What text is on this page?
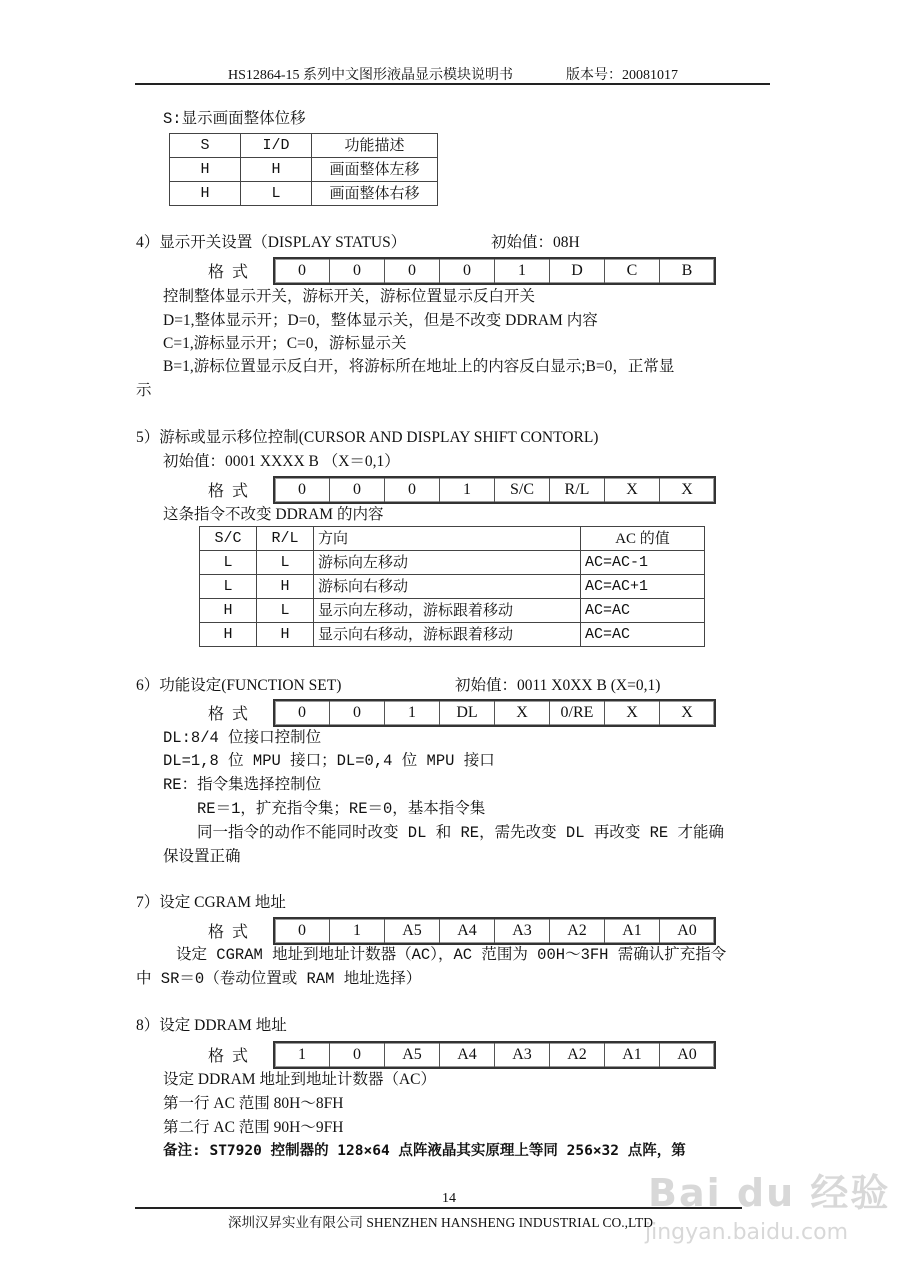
HS12864-15 系列中文图形液晶显示模块说明书	版本号：20081017
S:显示画面整体位移
S	I/D	功能描述
H	H	画面整体左移
H	L	画面整体右移
4）显示开关设置（DISPLAY STATUS）	初始值：08H
格式	0	0	0	0	1	D	C	B
控制整体显示开关，游标开关，游标位置显示反白开关
D=1,整体显示开；D=0，整体显示关，但是不改变 DDRAM 内容
C=1,游标显示开；C=0，游标显示关
B=1,游标位置显示反白开，将游标所在地址上的内容反白显示;B=0，正常显
示
5）游标或显示移位控制(CURSOR AND DISPLAY SHIFT CONTORL)
初始值：0001 XXXX B （X＝0,1）
格式	0	0	0	1	S/C	R/L	X	X
这条指令不改变 DDRAM 的内容
S/C	R/L	方向	AC 的值
L	L	游标向左移动	AC=AC-1
L	H	游标向右移动	AC=AC+1
H	L	显示向左移动，游标跟着移动	AC=AC
H	H	显示向右移动，游标跟着移动	AC=AC
6）功能设定(FUNCTION SET)	初始值：0011 X0XX B (X=0,1)
格式	0	0	1	DL	X	0/RE	X	X
DL:8/4 位接口控制位
DL=1,8 位 MPU 接口；DL=0,4 位 MPU 接口
RE：指令集选择控制位
RE＝1，扩充指令集；RE＝0，基本指令集
同一指令的动作不能同时改变 DL 和 RE，需先改变 DL 再改变 RE 才能确
保设置正确
7）设定 CGRAM 地址
格式	0	1	A5	A4	A3	A2	A1	A0
设定 CGRAM 地址到地址计数器（AC），AC 范围为 00H～3FH 需确认扩充指令
中 SR＝0（卷动位置或 RAM 地址选择）
8）设定 DDRAM 地址
格式	1	0	A5	A4	A3	A2	A1	A0
设定 DDRAM 地址到地址计数器（AC）
第一行 AC 范围 80H～8FH
第二行 AC 范围 90H～9FH
备注: ST7920 控制器的 128×64 点阵液晶其实原理上等同 256×32 点阵，第
14
深圳汉昇实业有限公司 SHENZHEN HANSHENG INDUSTRIAL CO.,LTD
Bai du 经验
jingyan.baidu.com
